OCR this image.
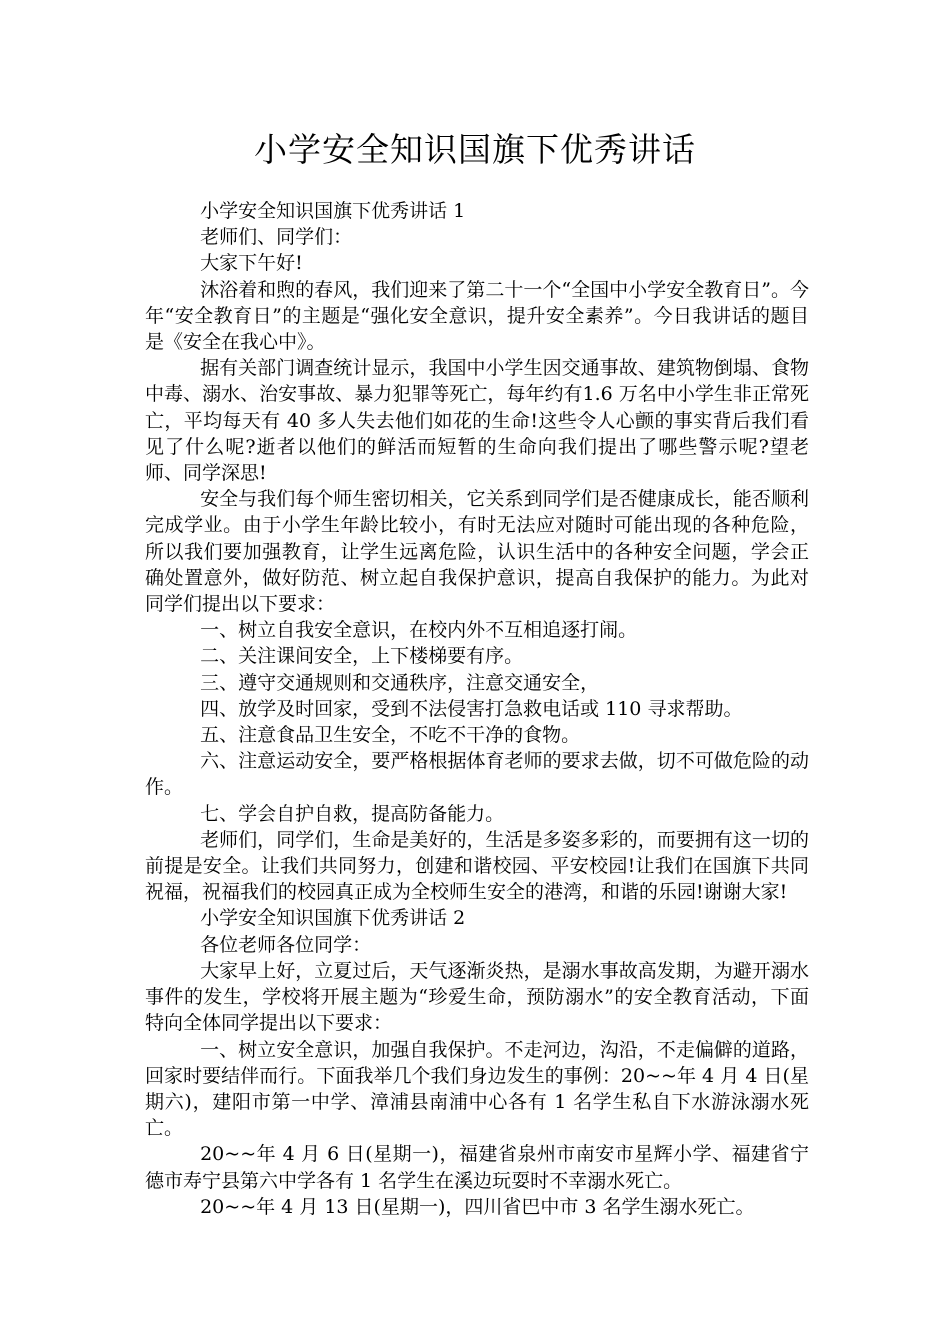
小学安全知识国旗下优秀讲话

小学安全知识国旗下优秀讲话 1

老师们、同学们：

大家下午好!

沐浴着和煦的春风，我们迎来了第二十一个“全国中小学安全教育日”。今年“安全教育日”的主题是“强化安全意识，提升安全素养”。今日我讲话的题目是《安全在我心中》。

据有关部门调查统计显示，我国中小学生因交通事故、建筑物倒塌、食物中毒、溺水、治安事故、暴力犯罪等死亡，每年约有1.6 万名中小学生非正常死亡，平均每天有 40 多人失去他们如花的生命!这些令人心颤的事实背后我们看见了什么呢?逝者以他们的鲜活而短暂的生命向我们提出了哪些警示呢?望老师、同学深思!

安全与我们每个师生密切相关，它关系到同学们是否健康成长，能否顺利完成学业。由于小学生年龄比较小，有时无法应对随时可能出现的各种危险，所以我们要加强教育，让学生远离危险，认识生活中的各种安全问题，学会正确处置意外，做好防范、树立起自我保护意识，提高自我保护的能力。为此对同学们提出以下要求：

一、树立自我安全意识，在校内外不互相追逐打闹。

二、关注课间安全，上下楼梯要有序。

三、遵守交通规则和交通秩序，注意交通安全，

四、放学及时回家，受到不法侵害打急救电话或 110 寻求帮助。

五、注意食品卫生安全，不吃不干净的食物。

六、注意运动安全，要严格根据体育老师的要求去做，切不可做危险的动作。

七、学会自护自救，提高防备能力。

老师们，同学们，生命是美好的，生活是多姿多彩的，而要拥有这一切的前提是安全。让我们共同努力，创建和谐校园、平安校园!让我们在国旗下共同祝福，祝福我们的校园真正成为全校师生安全的港湾，和谐的乐园!谢谢大家!

小学安全知识国旗下优秀讲话 2

各位老师各位同学：

大家早上好，立夏过后，天气逐渐炎热，是溺水事故高发期，为避开溺水事件的发生，学校将开展主题为“珍爱生命，预防溺水”的安全教育活动，下面特向全体同学提出以下要求：

一、树立安全意识，加强自我保护。不走河边，沟沿，不走偏僻的道路，回家时要结伴而行。下面我举几个我们身边发生的事例：20~~年 4 月 4 日(星期六)，建阳市第一中学、漳浦县南浦中心各有 1 名学生私自下水游泳溺水死亡。

20~~年 4 月 6 日(星期一)，福建省泉州市南安市星辉小学、福建省宁德市寿宁县第六中学各有 1 名学生在溪边玩耍时不幸溺水死亡。

20~~年 4 月 13 日(星期一)，四川省巴中市 3 名学生溺水死亡。
